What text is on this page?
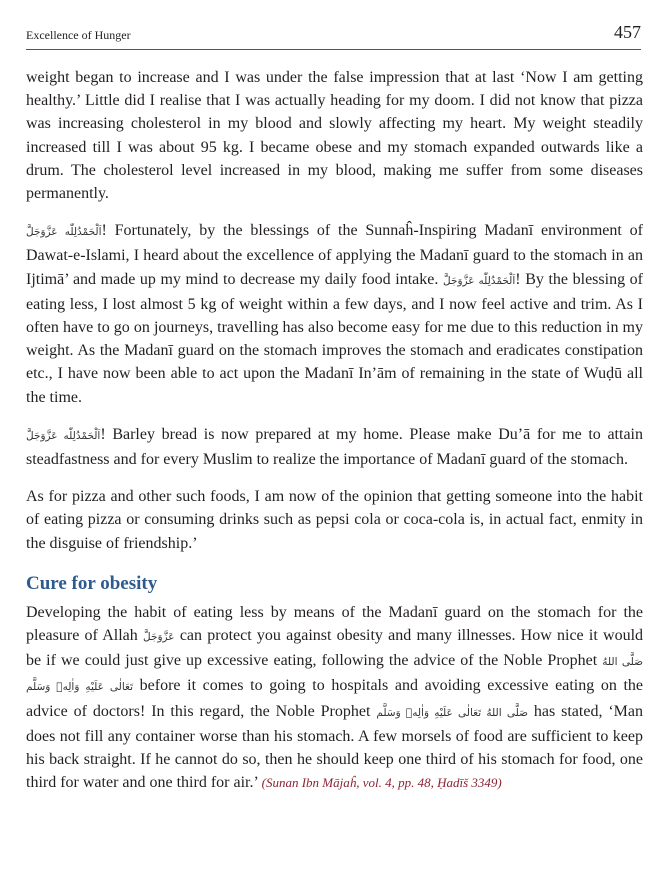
Excellence of Hunger	457

weight began to increase and I was under the false impression that at last ‘Now I am getting healthy.’ Little did I realise that I was actually heading for my doom. I did not know that pizza was increasing cholesterol in my blood and slowly affecting my heart. My weight steadily increased till I was about 95 kg. I became obese and my stomach expanded outwards like a drum. The cholesterol level increased in my blood, making me suffer from some diseases permanently.

اَلْحَمْدُلِلّٰه عَزَّوَجَلَّ! Fortunately, by the blessings of the Sunnaĥ-Inspiring Madanī environment of Dawat-e-Islami, I heard about the excellence of applying the Madanī guard to the stomach in an Ijtimā’ and made up my mind to decrease my daily food intake. اَلْحَمْدُلِلّٰه عَزَّوَجَلَّ! By the blessing of eating less, I lost almost 5 kg of weight within a few days, and I now feel active and trim. As I often have to go on journeys, travelling has also become easy for me due to this reduction in my weight. As the Madanī guard on the stomach improves the stomach and eradicates constipation etc., I have now been able to act upon the Madanī In’ām of remaining in the state of Wuḍū all the time.

اَلْحَمْدُلِلّٰه عَزَّوَجَلَّ! Barley bread is now prepared at my home. Please make Du’ā for me to attain steadfastness and for every Muslim to realize the importance of Madanī guard of the stomach.

As for pizza and other such foods, I am now of the opinion that getting someone into the habit of eating pizza or consuming drinks such as pepsi cola or coca-cola is, in actual fact, enmity in the disguise of friendship.’

Cure for obesity

Developing the habit of eating less by means of the Madanī guard on the stomach for the pleasure of Allah عَزَّوَجَلَّ can protect you against obesity and many illnesses. How nice it would be if we could just give up excessive eating, following the advice of the Noble Prophet صَلَّى اللهُ تَعَالٰى عَلَيْهِ وَاٰلِهٖ وَسَلَّم before it comes to going to hospitals and avoiding excessive eating on the advice of doctors! In this regard, the Noble Prophet صَلَّى اللهُ تَعَالٰى عَلَيْهِ وَاٰلِهٖ وَسَلَّم has stated, ‘Man does not fill any container worse than his stomach. A few morsels of food are sufficient to keep his back straight. If he cannot do so, then he should keep one third of his stomach for food, one third for water and one third for air.’ (Sunan Ibn Mājaĥ, vol. 4, pp. 48, Ḥadīš 3349)
